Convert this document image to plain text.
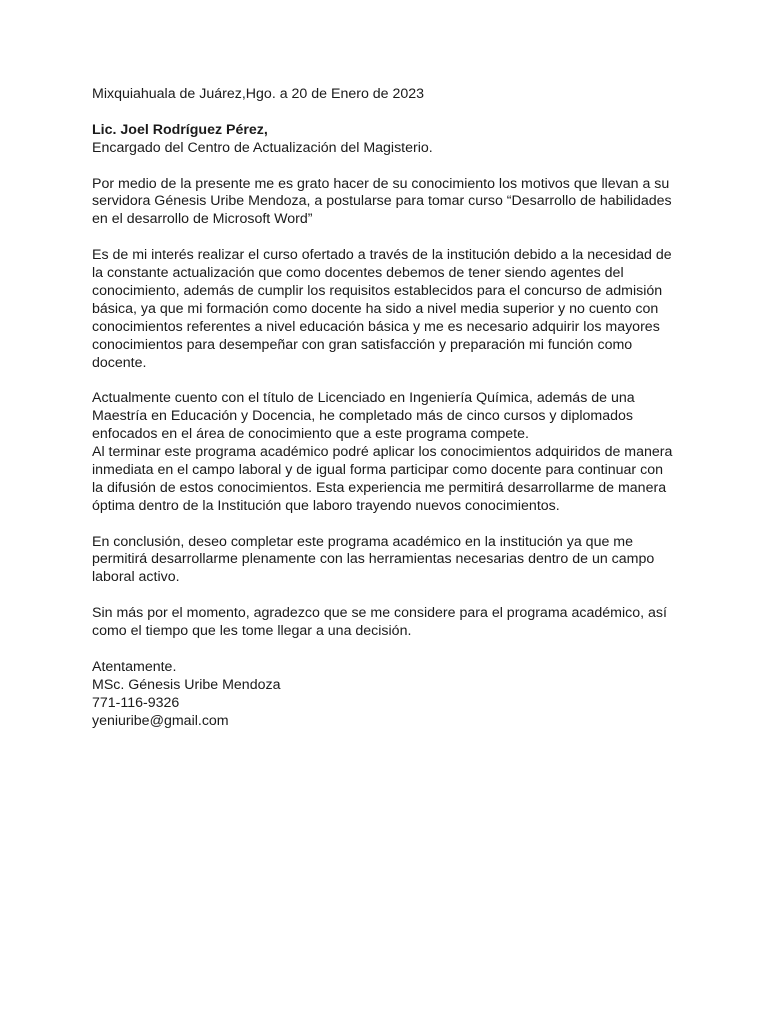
Mixquiahuala de Juárez,Hgo. a 20 de Enero de 2023

Lic. Joel Rodríguez Pérez,

Encargado del Centro de Actualización del Magisterio.

Por medio de la presente me es grato hacer de su conocimiento los motivos que llevan a su

servidora Génesis Uribe Mendoza, a postularse para tomar curso “Desarrollo de habilidades

en el desarrollo de Microsoft Word”

Es de mi interés realizar el curso ofertado a través de la institución debido a la necesidad de

la constante actualización que como docentes debemos de tener siendo agentes del

conocimiento, además de cumplir los requisitos establecidos para el concurso de admisión

básica, ya que mi formación como docente ha sido a nivel media superior y no cuento con

conocimientos referentes a nivel educación básica y me es necesario adquirir los mayores

conocimientos para desempeñar con gran satisfacción y preparación mi función como

docente.

Actualmente cuento con el título de Licenciado en Ingeniería Química, además de una

Maestría en Educación y Docencia, he completado más de cinco cursos y diplomados

enfocados en el área de conocimiento que a este programa compete.

Al terminar este programa académico podré aplicar los conocimientos adquiridos de manera

inmediata en el campo laboral y de igual forma participar como docente para continuar con

la difusión de estos conocimientos. Esta experiencia me permitirá desarrollarme de manera

óptima dentro de la Institución que laboro trayendo nuevos conocimientos.

En conclusión, deseo completar este programa académico en la institución ya que me

permitirá desarrollarme plenamente con las herramientas necesarias dentro de un campo

laboral activo.

Sin más por el momento, agradezco que se me considere para el programa académico, así

como el tiempo que les tome llegar a una decisión.

Atentamente.

MSc. Génesis Uribe Mendoza

771-116-9326

yeniuribe@gmail.com
